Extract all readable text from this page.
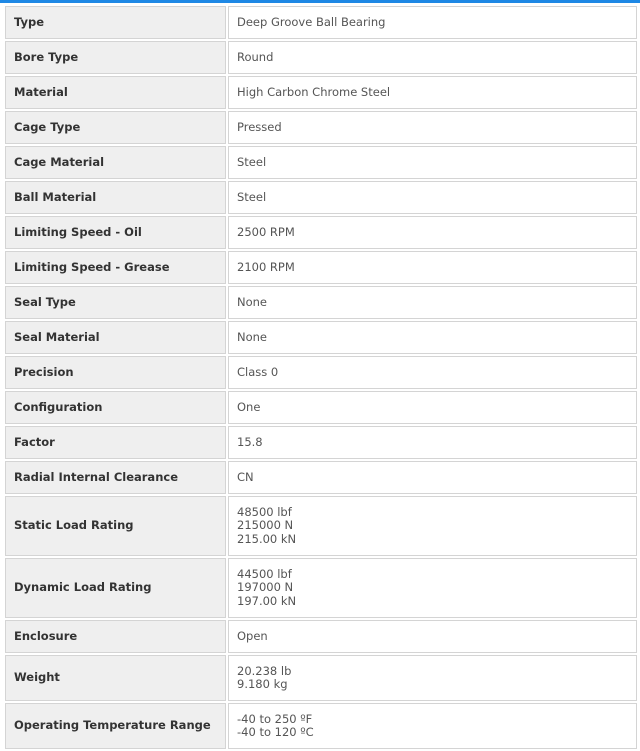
Type	Deep Groove Ball Bearing

Bore Type	Round

Material	High Carbon Chrome Steel

Cage Type	Pressed

Cage Material	Steel

Ball Material	Steel

Limiting Speed - Oil	2500 RPM

Limiting Speed - Grease	2100 RPM

Seal Type	None

Seal Material	None

Precision	Class 0

Configuration	One

Factor	15.8

Radial Internal Clearance	CN

Static Load Rating	48500 lbf
215000 N
215.00 kN

Dynamic Load Rating	44500 lbf
197000 N
197.00 kN

Enclosure	Open

Weight	20.238 lb
9.180 kg

Operating Temperature Range	-40 to 250 ºF
-40 to 120 ºC
